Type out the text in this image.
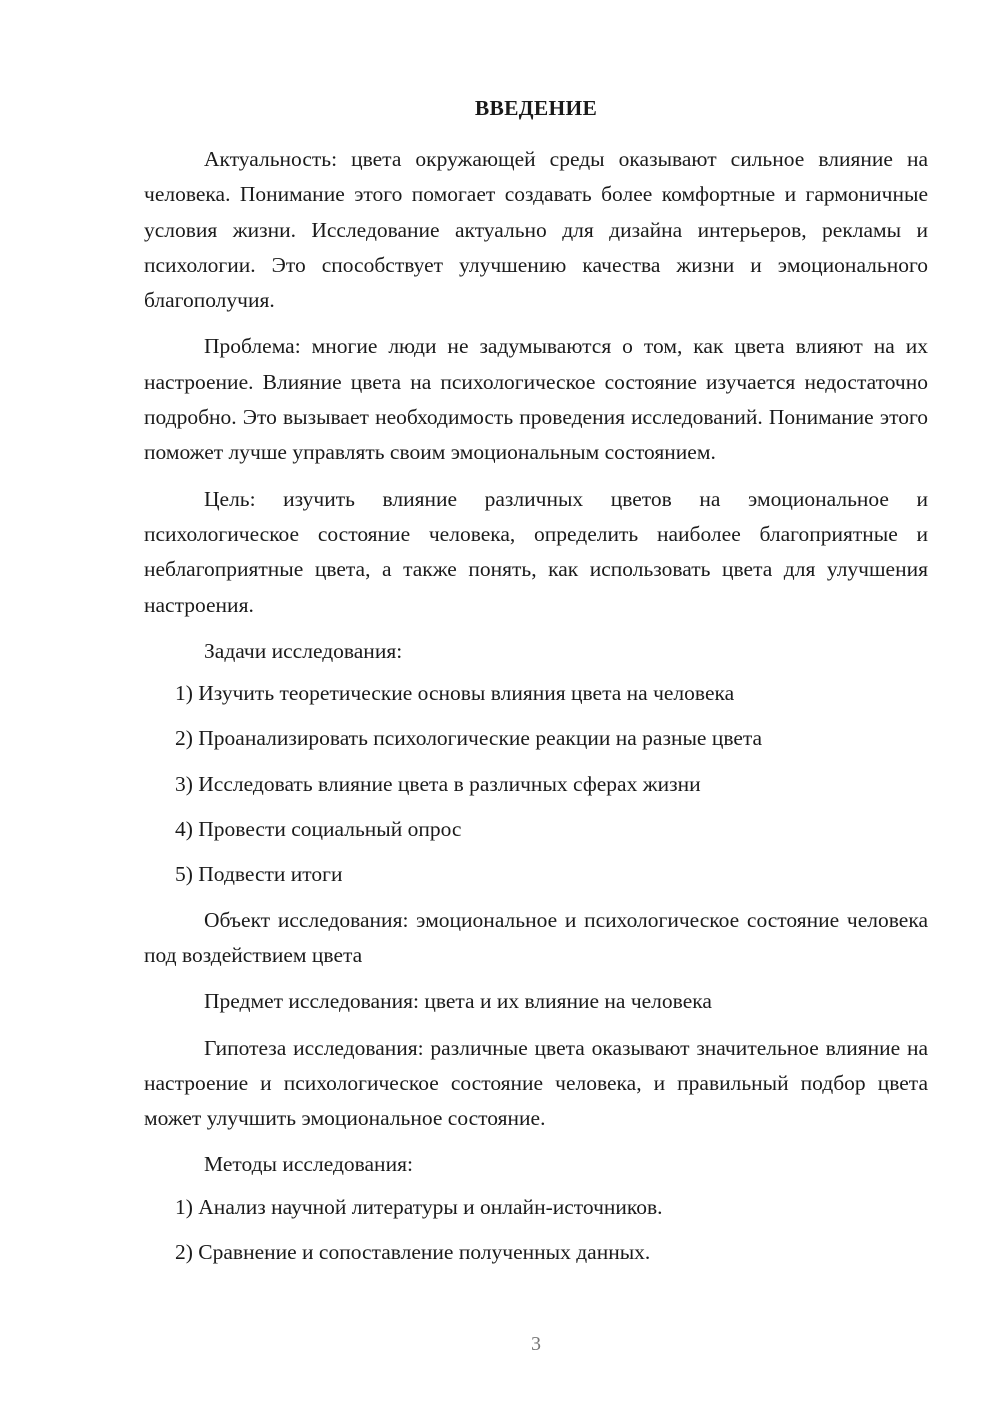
ВВЕДЕНИЕ

Актуальность: цвета окружающей среды оказывают сильное влияние на человека. Понимание этого помогает создавать более комфортные и гармоничные условия жизни. Исследование актуально для дизайна интерьеров, рекламы и психологии. Это способствует улучшению качества жизни и эмоционального благополучия.

Проблема: многие люди не задумываются о том, как цвета влияют на их настроение. Влияние цвета на психологическое состояние изучается недостаточно подробно. Это вызывает необходимость проведения исследований. Понимание этого поможет лучше управлять своим эмоциональным состоянием.

Цель: изучить влияние различных цветов на эмоциональное и психологическое состояние человека, определить наиболее благоприятные и неблагоприятные цвета, а также понять, как использовать цвета для улучшения настроения.

Задачи исследования:

1) Изучить теоретические основы влияния цвета на человека

2) Проанализировать психологические реакции на разные цвета

3) Исследовать влияние цвета в различных сферах жизни

4) Провести социальный опрос

5) Подвести итоги

Объект исследования: эмоциональное и психологическое состояние человека под воздействием цвета

Предмет исследования: цвета и их влияние на человека

Гипотеза исследования: различные цвета оказывают значительное влияние на настроение и психологическое состояние человека, и правильный подбор цвета может улучшить эмоциональное состояние.

Методы исследования:

1) Анализ научной литературы и онлайн-источников.

2) Сравнение и сопоставление полученных данных.

3
